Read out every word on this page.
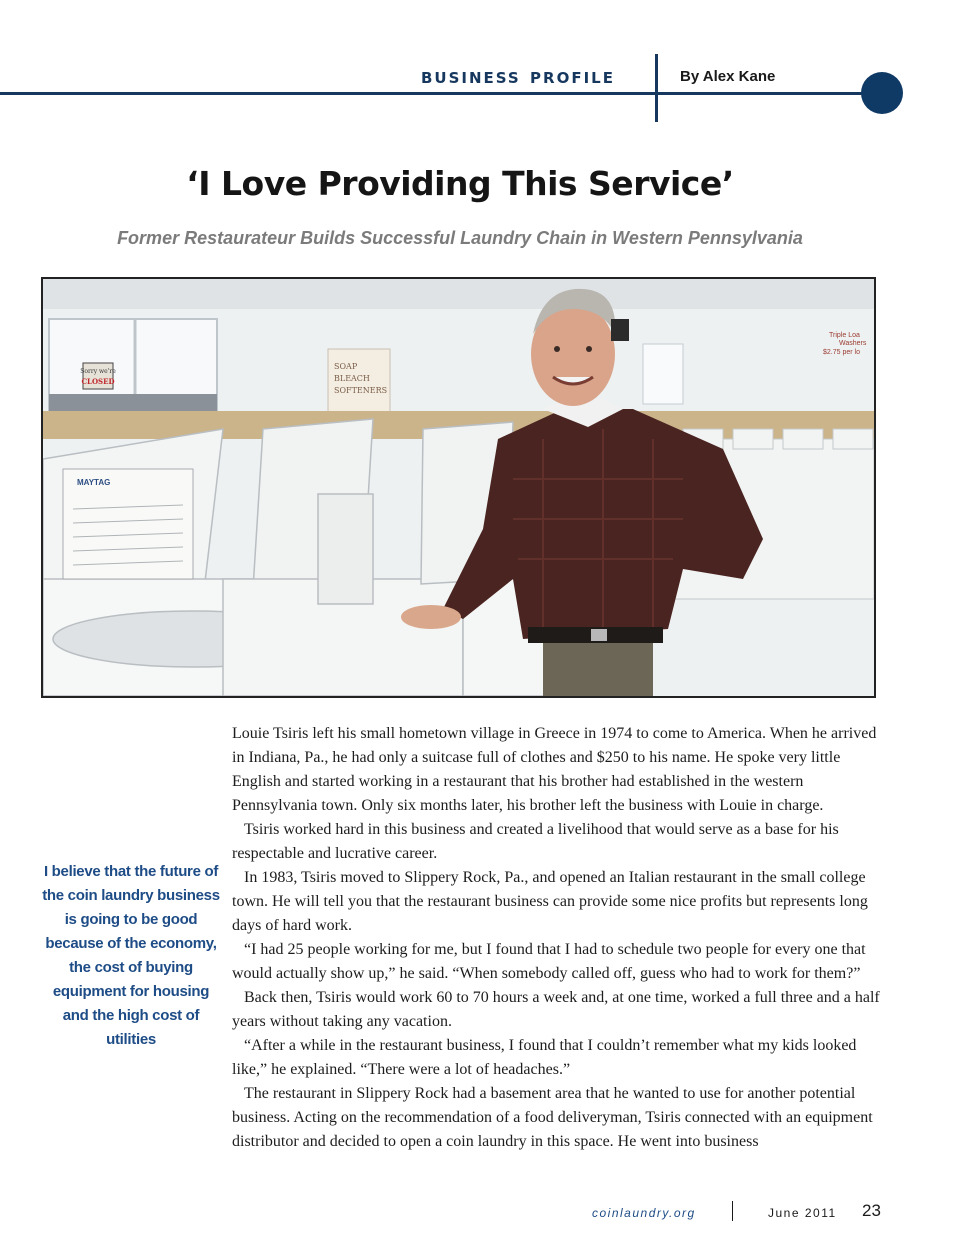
business profile	By Alex Kane
‘I Love Providing This Service’
Former Restaurateur Builds Successful Laundry Chain in Western Pennsylvania
Sorry we're
CLOSED
SOAP
BLEACH
SOFTENERS
Triple Loa
Washers
$2.75 per lo
MAYTAG
I believe that the future of the coin laundry business is going to be good because of the economy, the cost of buying equipment for housing and the high cost of utilities

Louie Tsiris left his small hometown village in Greece in 1974 to come to America. When he arrived in Indiana, Pa., he had only a suitcase full of clothes and $250 to his name. He spoke very little English and started working in a restaurant that his brother had established in the western Pennsylvania town. Only six months later, his brother left the business with Louie in charge.

Tsiris worked hard in this business and created a livelihood that would serve as a base for his respectable and lucrative career.

In 1983, Tsiris moved to Slippery Rock, Pa., and opened an Italian restaurant in the small college town. He will tell you that the restaurant business can provide some nice profits but represents long days of hard work.

“I had 25 people working for me, but I found that I had to schedule two people for every one that would actually show up,” he said. “When somebody called off, guess who had to work for them?”

Back then, Tsiris would work 60 to 70 hours a week and, at one time, worked a full three and a half years without taking any vacation.

“After a while in the restaurant business, I found that I couldn’t remember what my kids looked like,” he explained. “There were a lot of headaches.”

The restaurant in Slippery Rock had a basement area that he wanted to use for another potential business. Acting on the recommendation of a food deliveryman, Tsiris connected with an equipment distributor and decided to open a coin laundry in this space. He went into business

coinlaundry.org	June 2011 23
